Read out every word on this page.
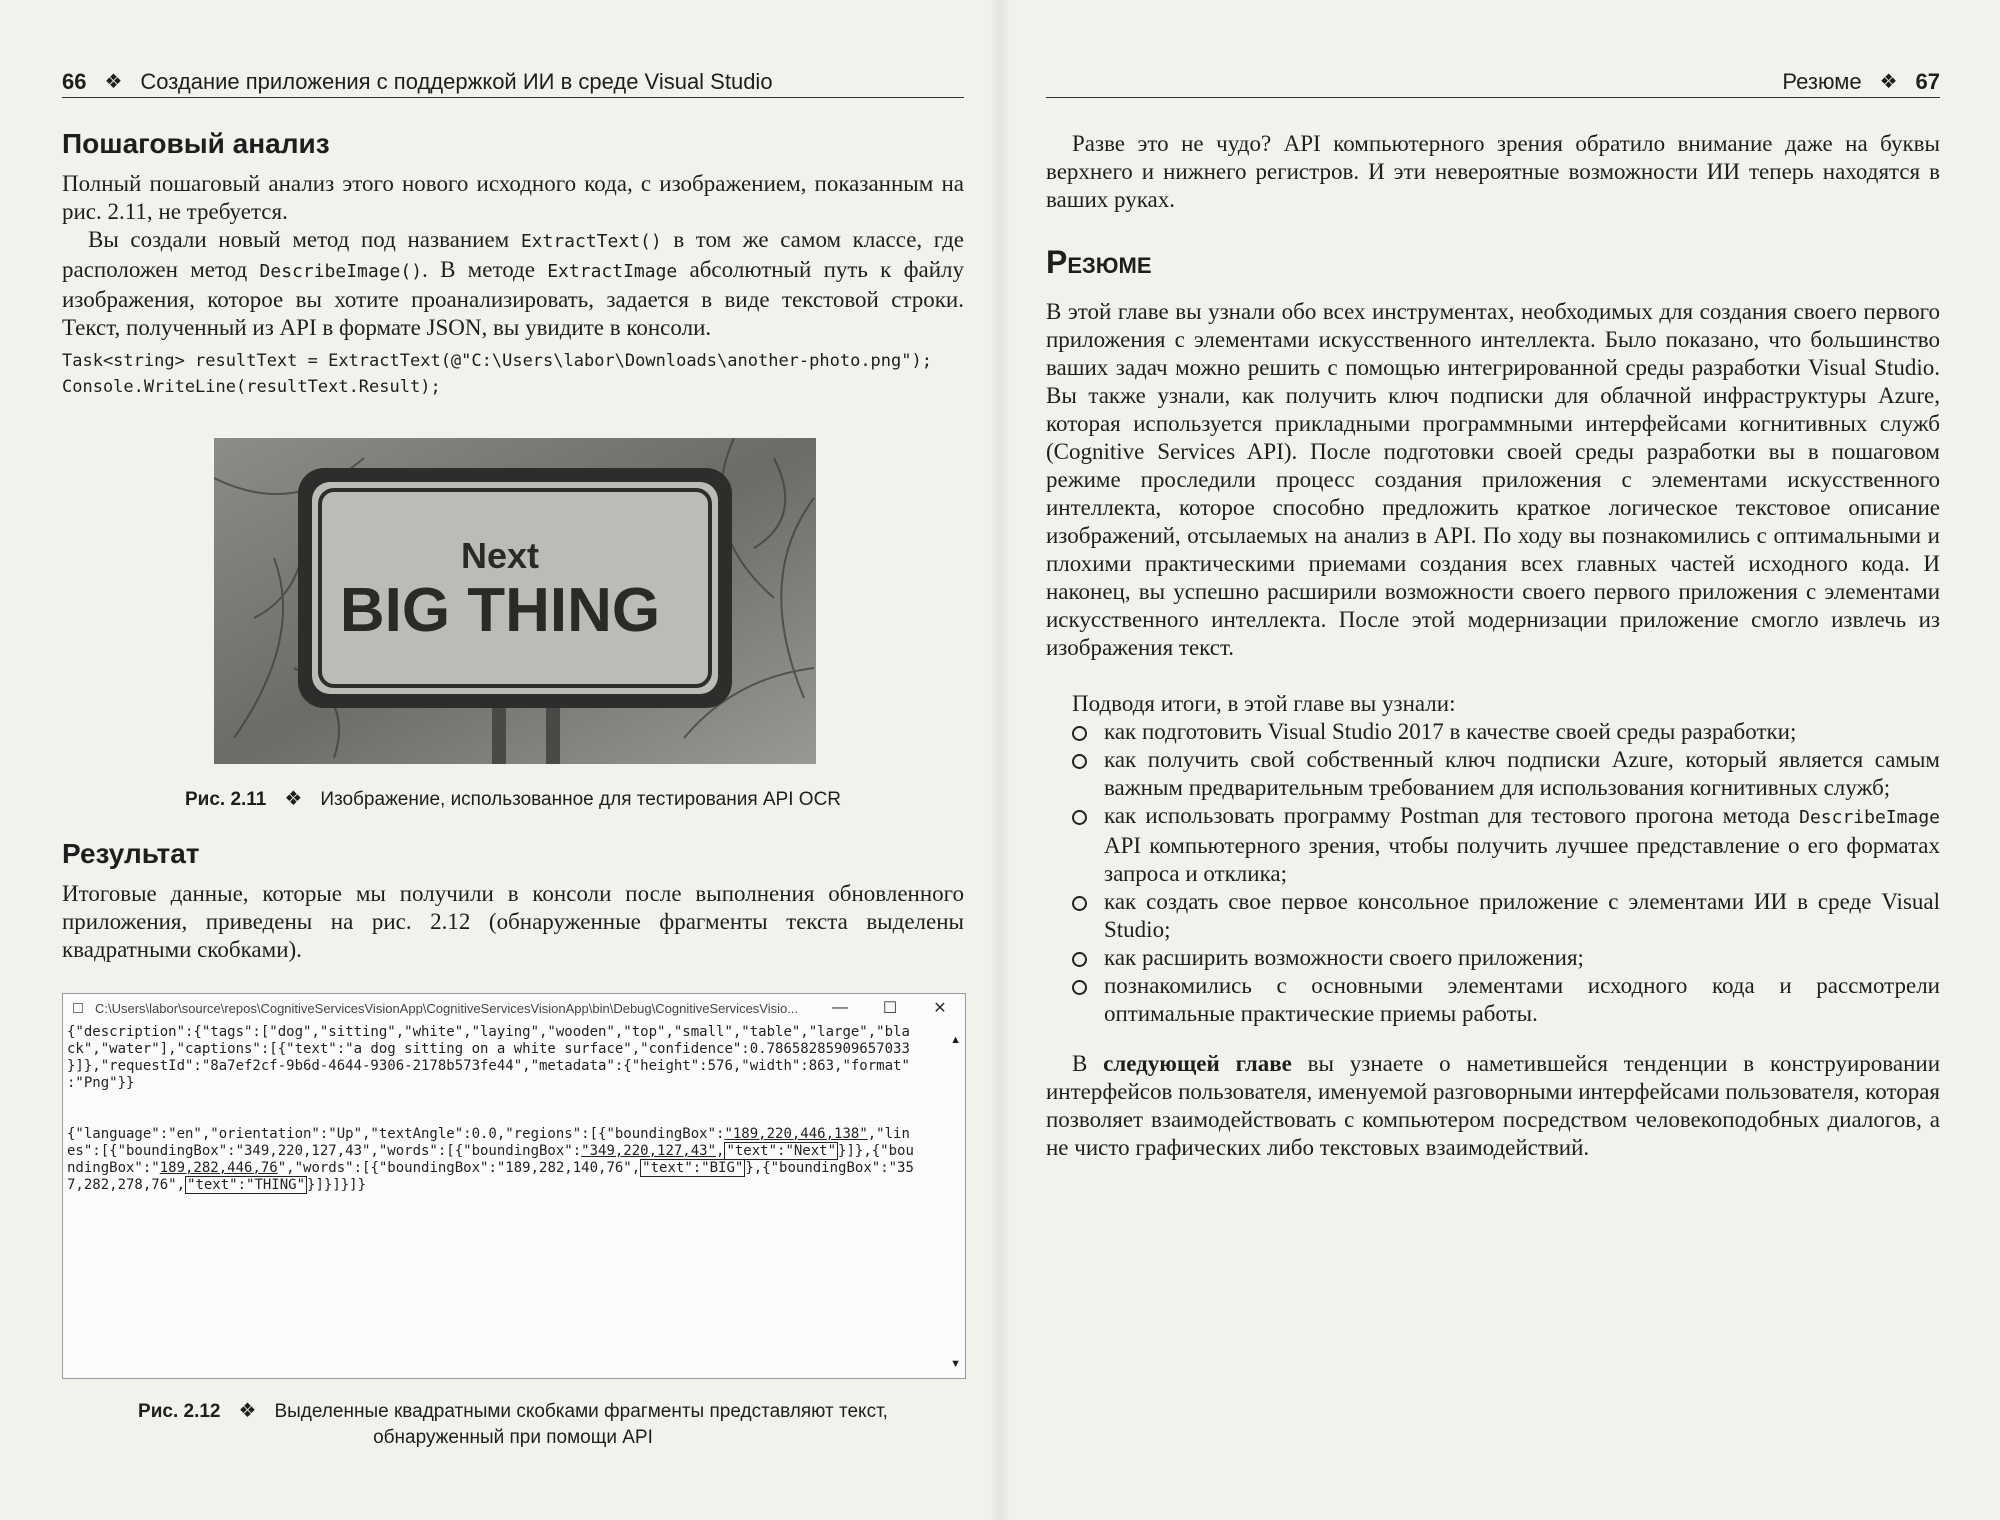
66 ❖ Создание приложения с поддержкой ИИ в среде Visual Studio
Пошаговый анализ

Полный пошаговый анализ этого нового исходного кода, с изображением, показанным на рис. 2.11, не требуется.

Вы создали новый метод под названием ExtractText() в том же самом классе, где расположен метод DescribeImage(). В методе ExtractImage абсолютный путь к файлу изображения, которое вы хотите проанализировать, задается в виде текстовой строки. Текст, полученный из API в формате JSON, вы увидите в консоли.

Task<string> resultText = ExtractText(@"C:\Users\labor\Downloads\another-photo.png");
Console.WriteLine(resultText.Result);
Next
BIG THING
Рис. 2.11 ❖ Изображение, использованное для тестирования API OCR
Результат

Итоговые данные, которые мы получили в консоли после выполнения обновленного приложения, приведены на рис. 2.12 (обнаруженные фрагменты текста выделены квадратными скобками).

C:\Users\labor\source\repos\CognitiveServicesVisionApp\CognitiveServicesVisionApp\bin\Debug\CognitiveServicesVisio...	—	☐	✕
{"description":{"tags":["dog","sitting","white","laying","wooden","top","small","table","large","bla
ck","water"],"captions":[{"text":"a dog sitting on a white surface","confidence":0.78658285909657033
}]},"requestId":"8a7ef2cf-9b6d-4644-9306-2178b573fe44","metadata":{"height":576,"width":863,"format"
:"Png"}}

{"language":"en","orientation":"Up","textAngle":0.0,"regions":[{"boundingBox":"189,220,446,138","lin
es":[{"boundingBox":"349,220,127,43","words":[{"boundingBox":"349,220,127,43", "text":"Next" }]},{"bou
ndingBox":"189,282,446,76","words":[{"boundingBox":"189,282,140,76", "text":"BIG" },{"boundingBox":"35
7,282,278,76", "text":"THING" }]}]}]}
▲
▼
Рис. 2.12 ❖ Выделенные квадратными скобками фрагменты представляют текст,
обнаруженный при помощи API
Резюме ❖ 67

Разве это не чудо? API компьютерного зрения обратило внимание даже на буквы верхнего и нижнего регистров. И эти невероятные возможности ИИ теперь находятся в ваших руках.

Резюме

В этой главе вы узнали обо всех инструментах, необходимых для создания своего первого приложения с элементами искусственного интеллекта. Было показано, что большинство ваших задач можно решить с помощью интегрированной среды разработки Visual Studio. Вы также узнали, как получить ключ подписки для облачной инфраструктуры Azure, которая используется прикладными программными интерфейсами когнитивных служб (Cognitive Services API). После подготовки своей среды разработки вы в пошаговом режиме проследили процесс создания приложения с элементами искусственного интеллекта, которое способно предложить краткое логическое текстовое описание изображений, отсылаемых на анализ в API. По ходу вы познакомились с оптимальными и плохими практическими приемами создания всех главных частей исходного кода. И наконец, вы успешно расширили возможности своего первого приложения с элементами искусственного интеллекта. После этой модернизации приложение смогло извлечь из изображения текст.

Подводя итоги, в этой главе вы узнали:

как подготовить Visual Studio 2017 в качестве своей среды разработки;
как получить свой собственный ключ подписки Azure, который является самым важным предварительным требованием для использования когнитивных служб;
как использовать программу Postman для тестового прогона метода DescribeImage API компьютерного зрения, чтобы получить лучшее представление о его форматах запроса и отклика;
как создать свое первое консольное приложение с элементами ИИ в среде Visual Studio;
как расширить возможности своего приложения;
познакомились с основными элементами исходного кода и рассмотрели оптимальные практические приемы работы.

В следующей главе вы узнаете о наметившейся тенденции в конструировании интерфейсов пользователя, именуемой разговорными интерфейсами пользователя, которая позволяет взаимодействовать с компьютером посредством человекоподобных диалогов, а не чисто графических либо текстовых взаимодействий.
